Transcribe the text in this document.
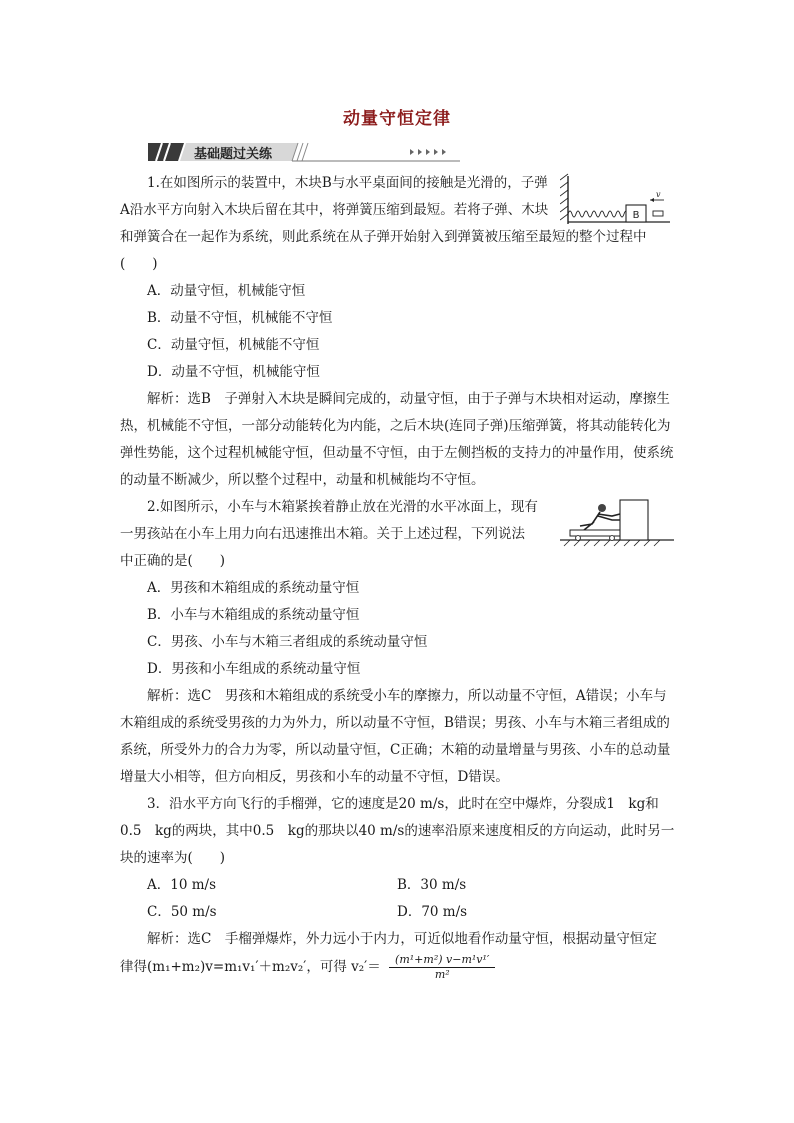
动量守恒定律
基础题过关练
B
v

1.在如图所示的装置中，木块B与水平桌面间的接触是光滑的，子弹

A沿水平方向射入木块后留在其中，将弹簧压缩到最短。若将子弹、木块

和弹簧合在一起作为系统，则此系统在从子弹开始射入到弹簧被压缩至最短的整个过程中(　　)

A．动量守恒，机械能守恒

B．动量不守恒，机械能不守恒

C．动量守恒，机械能不守恒

D．动量不守恒，机械能守恒

解析：选B　子弹射入木块是瞬间完成的，动量守恒，由于子弹与木块相对运动，摩擦生热，机械能不守恒，一部分动能转化为内能，之后木块(连同子弹)压缩弹簧，将其动能转化为弹性势能，这个过程机械能守恒，但动量不守恒，由于左侧挡板的支持力的冲量作用，使系统的动量不断减少，所以整个过程中，动量和机械能均不守恒。

2.如图所示，小车与木箱紧挨着静止放在光滑的水平冰面上，现有

一男孩站在小车上用力向右迅速推出木箱。关于上述过程，下列说法

中正确的是(　　)

A．男孩和木箱组成的系统动量守恒

B．小车与木箱组成的系统动量守恒

C．男孩、小车与木箱三者组成的系统动量守恒

D．男孩和小车组成的系统动量守恒

解析：选C　男孩和木箱组成的系统受小车的摩擦力，所以动量不守恒，A错误；小车与木箱组成的系统受男孩的力为外力，所以动量不守恒，B错误；男孩、小车与木箱三者组成的系统，所受外力的合力为零，所以动量守恒，C正确；木箱的动量增量与男孩、小车的总动量增量大小相等，但方向相反，男孩和小车的动量不守恒，D错误。

3．沿水平方向飞行的手榴弹，它的速度是20 m/s，此时在空中爆炸，分裂成1　kg和0.5　kg的两块，其中0.5　kg的那块以40 m/s的速率沿原来速度相反的方向运动，此时另一块的速率为(　　)

A．10 m/s	B．30 m/s
C．50 m/s	D．70 m/s

解析：选C　手榴弹爆炸，外力远小于内力，可近似地看作动量守恒，根据动量守恒定

律得(m₁+m₂)v=m₁v₁′＋m₂v₂′，可得 $v_2'= \frac{\text{(m¹+m²) v−m¹v¹′}}{\text{m²}}$
